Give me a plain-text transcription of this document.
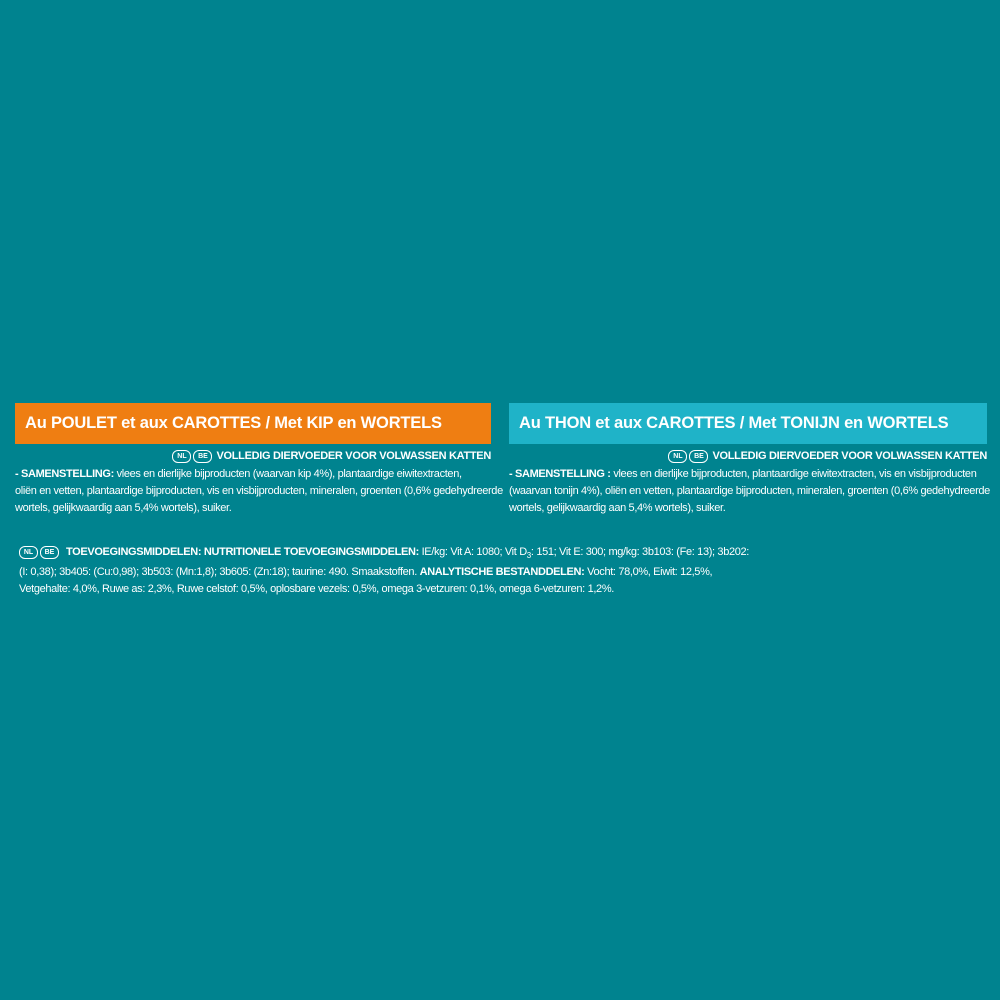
Au POULET et aux CAROTTES / Met KIP en WORTELS
NL	BE VOLLEDIG DIERVOEDER VOOR VOLWASSEN KATTEN
- SAMENSTELLING: vlees en dierlijke bijproducten (waarvan kip 4%), plantaardige eiwitextracten,
oliën en vetten, plantaardige bijproducten, vis en visbijproducten, mineralen, groenten (0,6% gedehydreerde
wortels, gelijkwaardig aan 5,4% wortels), suiker.
Au THON et aux CAROTTES / Met TONIJN en WORTELS
NL	BE VOLLEDIG DIERVOEDER VOOR VOLWASSEN KATTEN
- SAMENSTELLING : vlees en dierlijke bijproducten, plantaardige eiwitextracten, vis en visbijproducten
(waarvan tonijn 4%), oliën en vetten, plantaardige bijproducten, mineralen, groenten (0,6% gedehydreerde
wortels, gelijkwaardig aan 5,4% wortels), suiker.
NL	BE	TOEVOEGINGSMIDDELEN: NUTRITIONELE TOEVOEGINGSMIDDELEN: IE/kg: Vit A: 1080; Vit $D_3$: 151; Vit E: 300; mg/kg: 3b103: (Fe: 13); 3b202:
(I: 0,38); 3b405: (Cu:0,98); 3b503: (Mn:1,8); 3b605: (Zn:18); taurine: 490. Smaakstoffen. ANALYTISCHE BESTANDDELEN: Vocht: 78,0%, Eiwit: 12,5%,
Vetgehalte: 4,0%, Ruwe as: 2,3%, Ruwe celstof: 0,5%, oplosbare vezels: 0,5%, omega 3-vetzuren: 0,1%, omega 6-vetzuren: 1,2%.
